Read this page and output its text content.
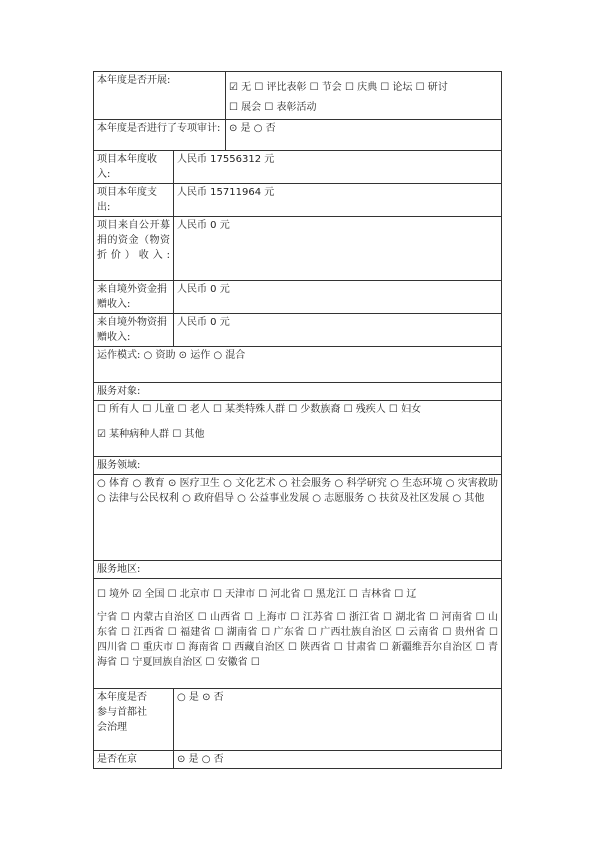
本年度是否开展:		☑ 无 ☐ 评比表彰 ☐ 节会 ☐ 庆典 ☐ 论坛 ☐ 研讨
☐ 展会 ☐ 表彰活动

本年度是否进行了专项审计:		⊙ 是 ○ 否
项目本年度收入:	人民币 17556312 元	
项目本年度支出:	人民币 15711964 元	
项目来自公开募捐的资金（物资折价）收入:	人民币 0 元	
来自境外资金捐赠收入:	人民币 0 元	
来自境外物资捐赠收入:	人民币 0 元	
运作模式: ○ 资助 ⊙ 运作 ○ 混合		
服务对象:		

☐ 所有人 ☐ 儿童 ☐ 老人 ☐ 某类特殊人群 ☐ 少数族裔 ☐ 残疾人 ☐ 妇女
☑ 某种病种人群 ☐ 其他		

服务领域:		
○ 体育 ○ 教育 ⊙ 医疗卫生 ○ 文化艺术 ○ 社会服务 ○ 科学研究 ○ 生态环境 ○ 灾害救助 ○ 法律与公民权利 ○ 政府倡导 ○ 公益事业发展 ○ 志愿服务 ○ 扶贫及社区发展 ○ 其他		
服务地区:		

☐ 境外 ☑ 全国 ☐ 北京市 ☐ 天津市 ☐ 河北省 ☐ 黑龙江 ☐ 吉林省 ☐ 辽
宁省 ☐ 内蒙古自治区 ☐ 山西省 ☐ 上海市 ☐ 江苏省 ☐ 浙江省 ☐ 湖北省 ☐ 河南省 ☐ 山东省 ☐ 江西省 ☐ 福建省 ☐ 湖南省 ☐ 广东省 ☐ 广西壮族自治区 ☐ 云南省 ☐ 贵州省 ☐ 四川省 ☐ 重庆市 ☐ 海南省 ☐ 西藏自治区 ☐ 陕西省 ☐ 甘肃省 ☐ 新疆维吾尔自治区 ☐ 青海省 ☐ 宁夏回族自治区 ☐ 安徽省 ☐		

本年度是否参与首都社会治理	○ 是 ⊙ 否	
是否在京	⊙ 是 ○ 否	
